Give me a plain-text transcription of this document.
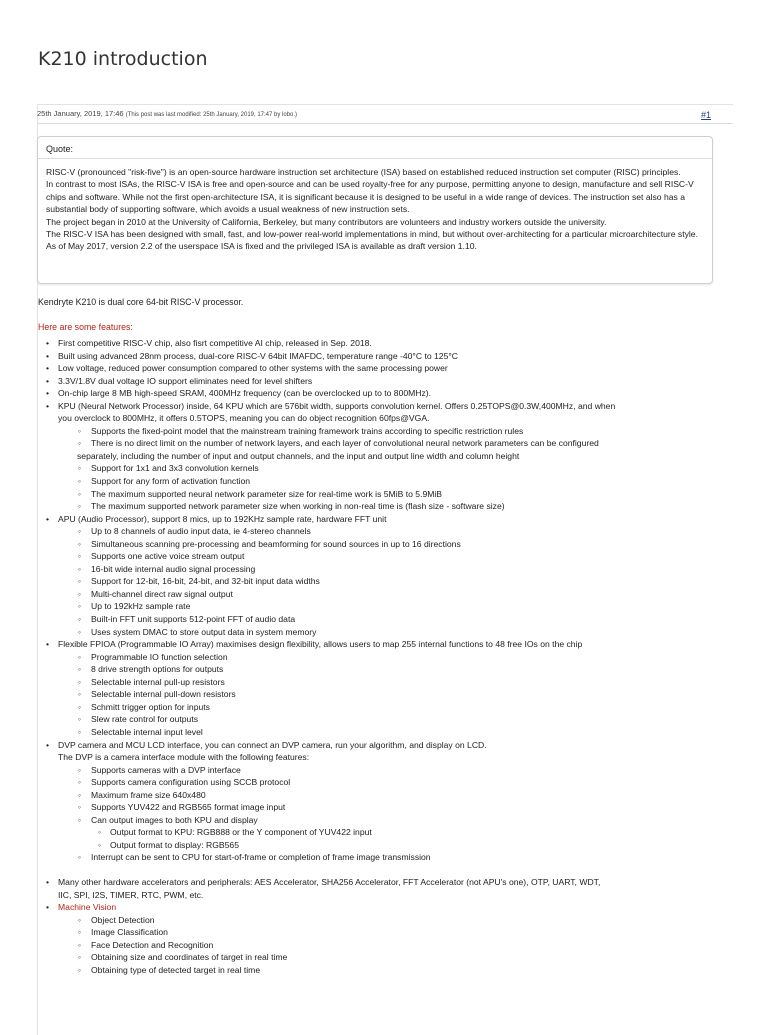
K210 introduction
25th January, 2019, 17:46 (This post was last modified: 25th January, 2019, 17:47 by lobo.)	#1
Quote:

RISC-V (pronounced "risk-five") is an open-source hardware instruction set architecture (ISA) based on established reduced instruction set computer (RISC) principles.

In contrast to most ISAs, the RISC-V ISA is free and open-source and can be used royalty-free for any purpose, permitting anyone to design, manufacture and sell RISC-V chips and software. While not the first open-architecture ISA, it is significant because it is designed to be useful in a wide range of devices. The instruction set also has a substantial body of supporting software, which avoids a usual weakness of new instruction sets.

The project began in 2010 at the University of California, Berkeley, but many contributors are volunteers and industry workers outside the university.

The RISC-V ISA has been designed with small, fast, and low-power real-world implementations in mind, but without over-architecting for a particular microarchitecture style.

As of May 2017, version 2.2 of the userspace ISA is fixed and the privileged ISA is available as draft version 1.10.

Kendryte K210 is dual core 64-bit RISC-V processor.

Here are some features:

• First competitive RISC-V chip, also fisrt competitive AI chip, released in Sep. 2018.
• Built using advanced 28nm process, dual-core RISC-V 64bit IMAFDC, temperature range -40°C to 125°C
• Low voltage, reduced power consumption compared to other systems with the same processing power
• 3.3V/1.8V dual voltage IO support eliminates need for level shifters
• On-chip large 8 MB high-speed SRAM, 400MHz frequency (can be overclocked up to to 800MHz).
• KPU (Neural Network Processor) inside, 64 KPU which are 576bit width, supports convolution kernel. Offers 0.25TOPS@0.3W,400MHz, and when
you overclock to 800MHz, it offers 0.5TOPS, meaning you can do object recognition 60fps@VGA.
◦ Supports the fixed-point model that the mainstream training framework trains according to specific restriction rules
◦ There is no direct limit on the number of network layers, and each layer of convolutional neural network parameters can be configured
separately, including the number of input and output channels, and the input and output line width and column height
◦ Support for 1x1 and 3x3 convolution kernels
◦ Support for any form of activation function
◦ The maximum supported neural network parameter size for real-time work is 5MiB to 5.9MiB
◦ The maximum supported network parameter size when working in non-real time is (flash size - software size)
• APU (Audio Processor), support 8 mics, up to 192KHz sample rate, hardware FFT unit
◦ Up to 8 channels of audio input data, ie 4-stereo channels
◦ Simultaneous scanning pre-processing and beamforming for sound sources in up to 16 directions
◦ Supports one active voice stream output
◦ 16-bit wide internal audio signal processing
◦ Support for 12-bit, 16-bit, 24-bit, and 32-bit input data widths
◦ Multi-channel direct raw signal output
◦ Up to 192kHz sample rate
◦ Built-in FFT unit supports 512-point FFT of audio data
◦ Uses system DMAC to store output data in system memory
• Flexible FPIOA (Programmable IO Array) maximises design flexibility, allows users to map 255 internal functions to 48 free IOs on the chip
◦ Programmable IO function selection
◦ 8 drive strength options for outputs
◦ Selectable internal pull-up resistors
◦ Selectable internal pull-down resistors
◦ Schmitt trigger option for inputs
◦ Slew rate control for outputs
◦ Selectable internal input level
• DVP camera and MCU LCD interface, you can connect an DVP camera, run your algorithm, and display on LCD.
The DVP is a camera interface module with the following features:
◦ Supports cameras with a DVP interface
◦ Supports camera configuration using SCCB protocol
◦ Maximum frame size 640x480
◦ Supports YUV422 and RGB565 format image input
◦ Can output images to both KPU and display
◦ Output format to KPU: RGB888 or the Y component of YUV422 input
◦ Output format to display: RGB565
◦ Interrupt can be sent to CPU for start-of-frame or completion of frame image transmission
• Many other hardware accelerators and peripherals: AES Accelerator, SHA256 Accelerator, FFT Accelerator (not APU's one), OTP, UART, WDT,
IIC, SPI, I2S, TIMER, RTC, PWM, etc.
• Machine Vision
◦ Object Detection
◦ Image Classification
◦ Face Detection and Recognition
◦ Obtaining size and coordinates of target in real time
◦ Obtaining type of detected target in real time
